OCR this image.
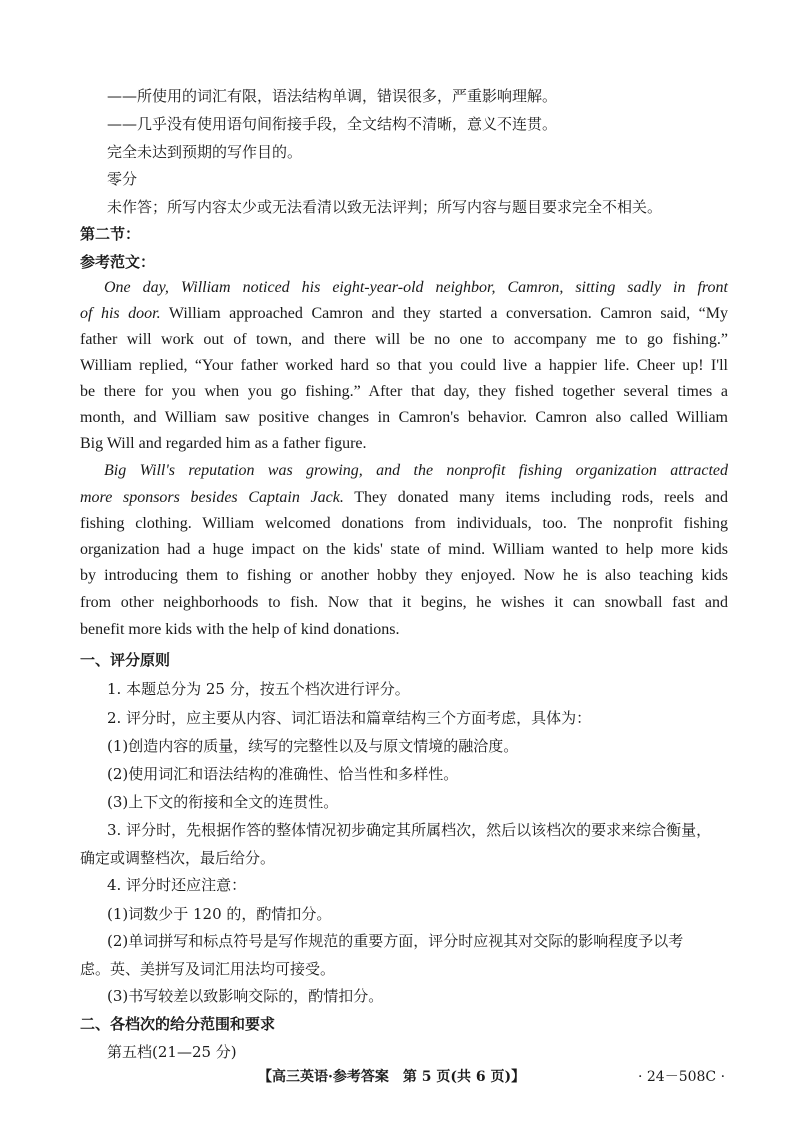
——所使用的词汇有限，语法结构单调，错误很多，严重影响理解。
——几乎没有使用语句间衔接手段，全文结构不清晰，意义不连贯。
完全未达到预期的写作目的。
零分
未作答；所写内容太少或无法看清以致无法评判；所写内容与题目要求完全不相关。
第二节：
参考范文：
One day, William noticed his eight-year-old neighbor, Camron, sitting sadly in front
of his door. William approached Camron and they started a conversation. Camron said, “My
father will work out of town, and there will be no one to accompany me to go fishing.”
William replied, “Your father worked hard so that you could live a happier life. Cheer up! I'll
be there for you when you go fishing.” After that day, they fished together several times a
month, and William saw positive changes in Camron's behavior. Camron also called William
Big Will and regarded him as a father figure.
Big Will's reputation was growing, and the nonprofit fishing organization attracted
more sponsors besides Captain Jack. They donated many items including rods, reels and
fishing clothing. William welcomed donations from individuals, too. The nonprofit fishing
organization had a huge impact on the kids' state of mind. William wanted to help more kids
by introducing them to fishing or another hobby they enjoyed. Now he is also teaching kids
from other neighborhoods to fish. Now that it begins, he wishes it can snowball fast and
benefit more kids with the help of kind donations.
一、评分原则
1. 本题总分为 25 分，按五个档次进行评分。
2. 评分时，应主要从内容、词汇语法和篇章结构三个方面考虑，具体为：
(1)创造内容的质量，续写的完整性以及与原文情境的融洽度。
(2)使用词汇和语法结构的准确性、恰当性和多样性。
(3)上下文的衔接和全文的连贯性。
3. 评分时，先根据作答的整体情况初步确定其所属档次，然后以该档次的要求来综合衡量，
确定或调整档次，最后给分。
4. 评分时还应注意：
(1)词数少于 120 的，酌情扣分。
(2)单词拼写和标点符号是写作规范的重要方面，评分时应视其对交际的影响程度予以考
虑。英、美拼写及词汇用法均可接受。
(3)书写较差以致影响交际的，酌情扣分。
二、各档次的给分范围和要求
第五档(21—25 分)
【高三英语·参考答案　第 5 页(共 6 页)】	· 24－508C ·
